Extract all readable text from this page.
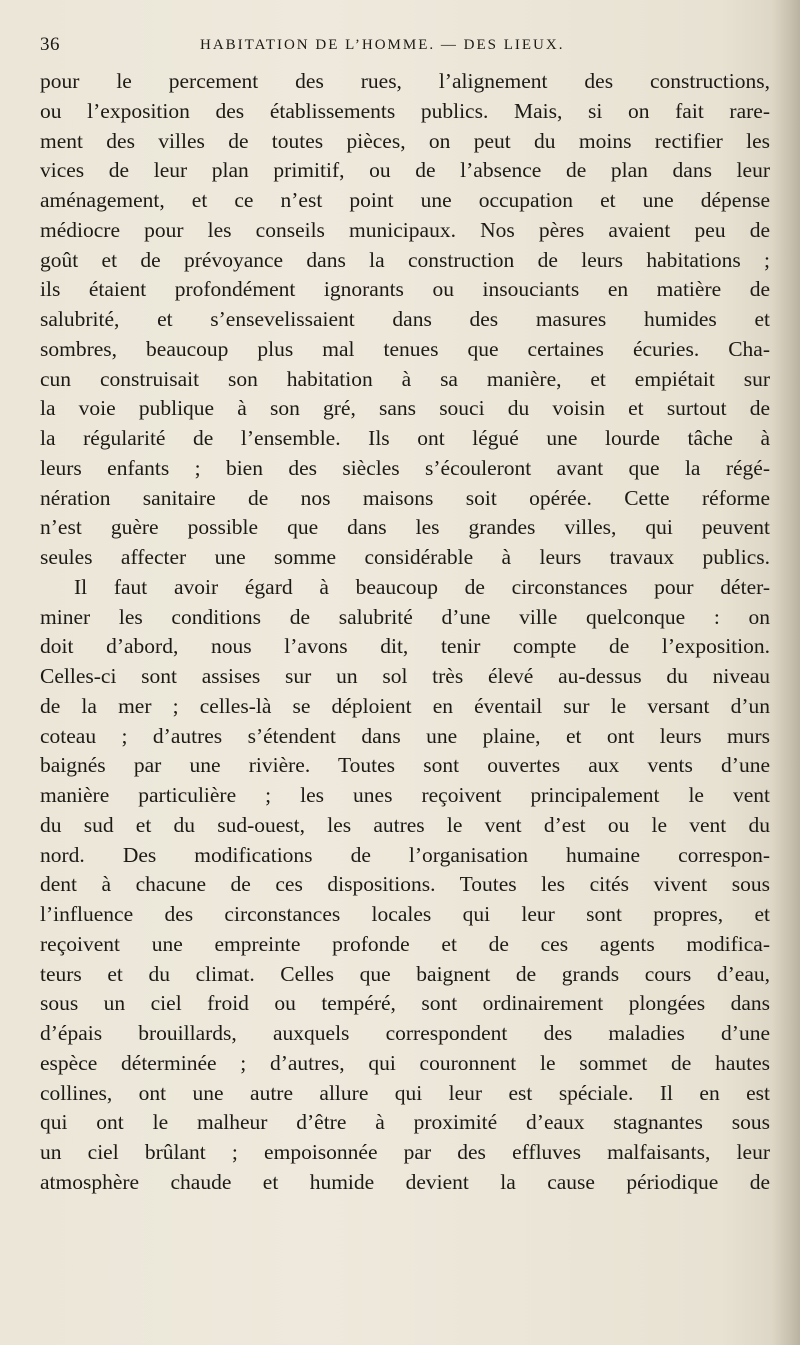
36	HABITATION DE L’HOMME. — DES LIEUX.
pour le percement des rues, l’alignement des constructions,
ou l’exposition des établissements publics. Mais, si on fait rare-
ment des villes de toutes pièces, on peut du moins rectifier les
vices de leur plan primitif, ou de l’absence de plan dans leur
aménagement, et ce n’est point une occupation et une dépense
médiocre pour les conseils municipaux. Nos pères avaient peu de
goût et de prévoyance dans la construction de leurs habitations ;
ils étaient profondément ignorants ou insouciants en matière de
salubrité, et s’ensevelissaient dans des masures humides et
sombres, beaucoup plus mal tenues que certaines écuries. Cha-
cun construisait son habitation à sa manière, et empiétait sur
la voie publique à son gré, sans souci du voisin et surtout de
la régularité de l’ensemble. Ils ont légué une lourde tâche à
leurs enfants ; bien des siècles s’écouleront avant que la régé-
nération sanitaire de nos maisons soit opérée. Cette réforme
n’est guère possible que dans les grandes villes, qui peuvent
seules affecter une somme considérable à leurs travaux publics.
Il faut avoir égard à beaucoup de circonstances pour déter-
miner les conditions de salubrité d’une ville quelconque : on
doit d’abord, nous l’avons dit, tenir compte de l’exposition.
Celles-ci sont assises sur un sol très élevé au-dessus du niveau
de la mer ; celles-là se déploient en éventail sur le versant d’un
coteau ; d’autres s’étendent dans une plaine, et ont leurs murs
baignés par une rivière. Toutes sont ouvertes aux vents d’une
manière particulière ; les unes reçoivent principalement le vent
du sud et du sud-ouest, les autres le vent d’est ou le vent du
nord. Des modifications de l’organisation humaine correspon-
dent à chacune de ces dispositions. Toutes les cités vivent sous
l’influence des circonstances locales qui leur sont propres, et
reçoivent une empreinte profonde et de ces agents modifica-
teurs et du climat. Celles que baignent de grands cours d’eau,
sous un ciel froid ou tempéré, sont ordinairement plongées dans
d’épais brouillards, auxquels correspondent des maladies d’une
espèce déterminée ; d’autres, qui couronnent le sommet de hautes
collines, ont une autre allure qui leur est spéciale. Il en est
qui ont le malheur d’être à proximité d’eaux stagnantes sous
un ciel brûlant ; empoisonnée par des effluves malfaisants, leur
atmosphère chaude et humide devient la cause périodique de
